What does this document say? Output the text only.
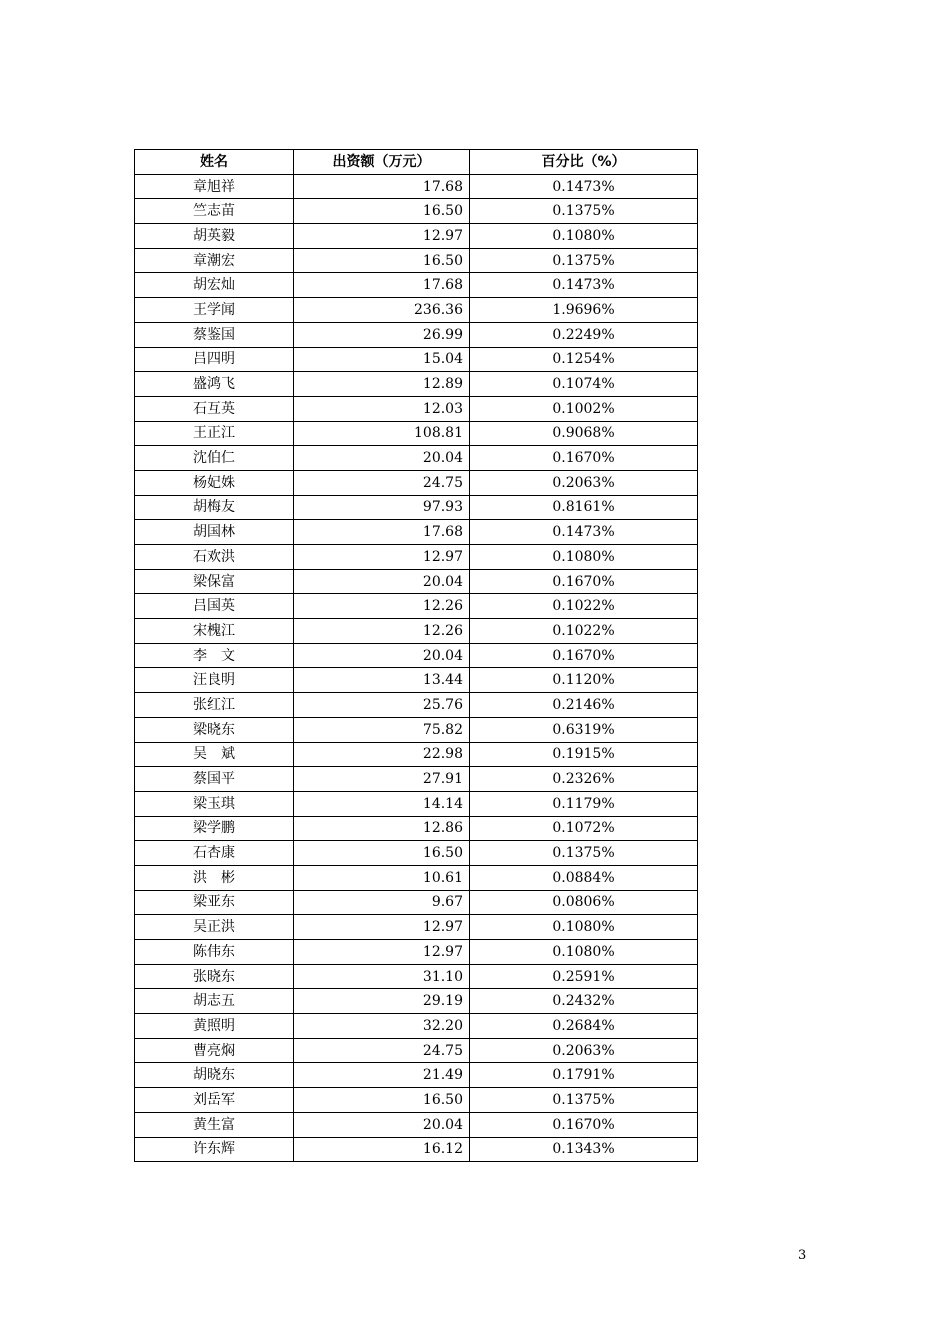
姓名	出资额（万元）	百分比（%）
章旭祥	17.68	0.1473%
竺志苗	16.50	0.1375%
胡英毅	12.97	0.1080%
章潮宏	16.50	0.1375%
胡宏灿	17.68	0.1473%
王学闻	236.36	1.9696%
蔡鉴国	26.99	0.2249%
吕四明	15.04	0.1254%
盛鸿飞	12.89	0.1074%
石互英	12.03	0.1002%
王正江	108.81	0.9068%
沈伯仁	20.04	0.1670%
杨妃姝	24.75	0.2063%
胡梅友	97.93	0.8161%
胡国林	17.68	0.1473%
石欢洪	12.97	0.1080%
梁保富	20.04	0.1670%
吕国英	12.26	0.1022%
宋槐江	12.26	0.1022%
李　文	20.04	0.1670%
汪良明	13.44	0.1120%
张红江	25.76	0.2146%
梁晓东	75.82	0.6319%
吴　斌	22.98	0.1915%
蔡国平	27.91	0.2326%
梁玉琪	14.14	0.1179%
梁学鹏	12.86	0.1072%
石杏康	16.50	0.1375%
洪　彬	10.61	0.0884%
梁亚东	9.67	0.0806%
吴正洪	12.97	0.1080%
陈伟东	12.97	0.1080%
张晓东	31.10	0.2591%
胡志五	29.19	0.2432%
黄照明	32.20	0.2684%
曹亮焖	24.75	0.2063%
胡晓东	21.49	0.1791%
刘岳军	16.50	0.1375%
黄生富	20.04	0.1670%
许东辉	16.12	0.1343%
3
